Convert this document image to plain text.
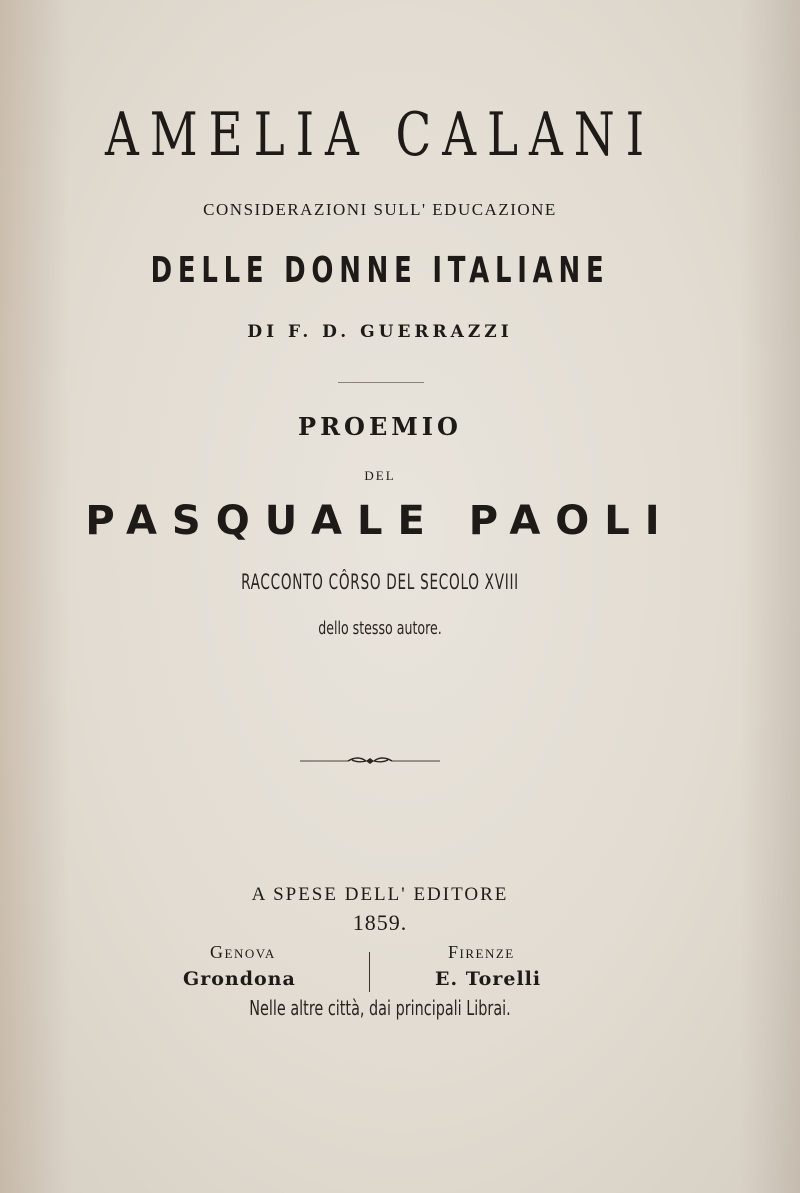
AMELIA CALANI
CONSIDERAZIONI SULL' EDUCAZIONE
DELLE DONNE ITALIANE
DI F. D. GUERRAZZI
PROEMIO
DEL
PASQUALE PAOLI
RACCONTO CÔRSO DEL SECOLO XVIII
dello stesso autore.
A SPESE DELL' EDITORE
1859.
Genova	Firenze
Grondona	E. Torelli
Nelle altre città, dai principali Librai.
